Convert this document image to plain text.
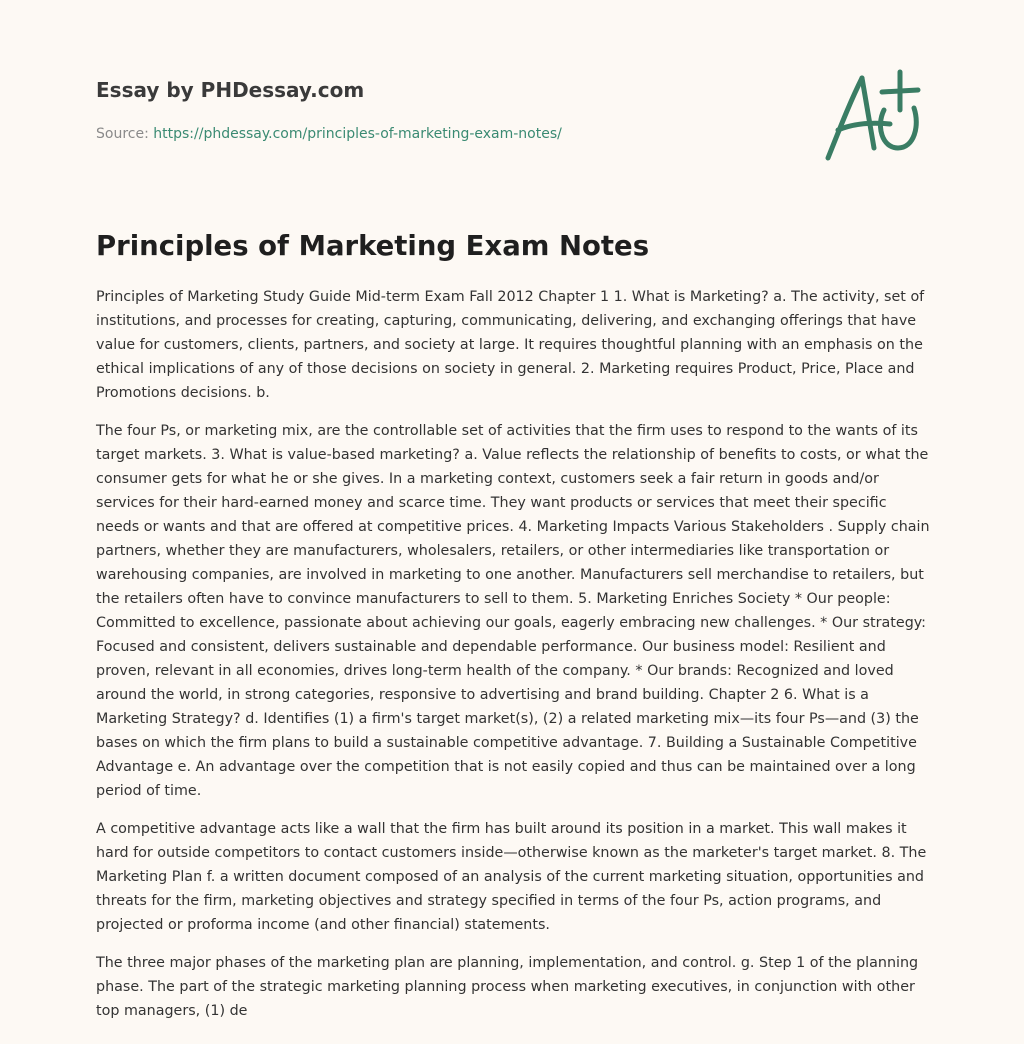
Essay by PHDessay.com

Source: https://phdessay.com/principles-of-marketing-exam-notes/
Principles of Marketing Exam Notes

Principles of Marketing Study Guide Mid-term Exam Fall 2012 Chapter 1 1. What is Marketing? a. The activity, set of institutions, and processes for creating, capturing, communicating, delivering, and exchanging offerings that have value for customers, clients, partners, and society at large. It requires thoughtful planning with an emphasis on the ethical implications of any of those decisions on society in general. 2. Marketing requires Product, Price, Place and Promotions decisions. b.

The four Ps, or marketing mix, are the controllable set of activities that the firm uses to respond to the wants of its target markets. 3. What is value-based marketing? a. Value reflects the relationship of benefits to costs, or what the consumer gets for what he or she gives. In a marketing context, customers seek a fair return in goods and/or services for their hard-earned money and scarce time. They want products or services that meet their specific needs or wants and that are offered at competitive prices. 4. Marketing Impacts Various Stakeholders . Supply chain partners, whether they are manufacturers, wholesalers, retailers, or other intermediaries like transportation or warehousing companies, are involved in marketing to one another. Manufacturers sell merchandise to retailers, but the retailers often have to convince manufacturers to sell to them. 5. Marketing Enriches Society * Our people: Committed to excellence, passionate about achieving our goals, eagerly embracing new challenges. * Our strategy: Focused and consistent, delivers sustainable and dependable performance. Our business model: Resilient and proven, relevant in all economies, drives long-term health of the company. * Our brands: Recognized and loved around the world, in strong categories, responsive to advertising and brand building. Chapter 2 6. What is a Marketing Strategy? d. Identifies (1) a firm's target market(s), (2) a related marketing mix—its four Ps—and (3) the bases on which the firm plans to build a sustainable competitive advantage. 7. Building a Sustainable Competitive Advantage e. An advantage over the competition that is not easily copied and thus can be maintained over a long period of time.

A competitive advantage acts like a wall that the firm has built around its position in a market. This wall makes it hard for outside competitors to contact customers inside—otherwise known as the marketer's target market. 8. The Marketing Plan f. a written document composed of an analysis of the current marketing situation, opportunities and threats for the firm, marketing objectives and strategy specified in terms of the four Ps, action programs, and projected or proforma income (and other financial) statements.

The three major phases of the marketing plan are planning, implementation, and control. g. Step 1 of the planning phase. The part of the strategic marketing planning process when marketing executives, in conjunction with other top managers, (1) de
